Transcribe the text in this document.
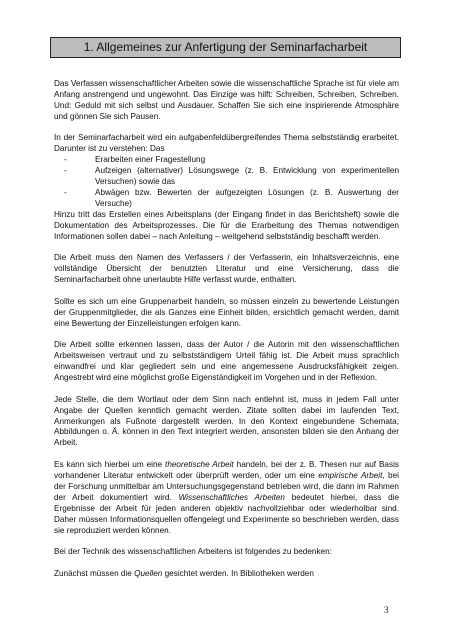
1. Allgemeines zur Anfertigung der Seminarfacharbeit

Das Verfassen wissenschaftlicher Arbeiten sowie die wissenschaftliche Sprache ist für viele am Anfang anstrengend und ungewohnt. Das Einzige was hilft: Schreiben, Schreiben, Schreiben. Und: Geduld mit sich selbst und Ausdauer. Schaffen Sie sich eine inspirierende Atmosphäre und gönnen Sie sich Pausen.

In der Seminarfacharbeit wird ein aufgabenfeldübergreifendes Thema selbstständig erarbeitet. Darunter ist zu verstehen: Das

-	Erarbeiten einer Fragestellung
-	Aufzeigen (alternativer) Lösungswege (z. B. Entwicklung von experimentellen Versuchen) sowie das
-	Abwägen bzw. Bewerten der aufgezeigten Lösungen (z. B. Auswertung der Versuche)

Hinzu tritt das Erstellen eines Arbeitsplans (der Eingang findet in das Berichtsheft) sowie die Dokumentation des Arbeitsprozesses. Die für die Erarbeitung des Themas notwendigen Informationen sollen dabei – nach Anleitung – weitgehend selbstständig beschafft werden.

Die Arbeit muss den Namen des Verfassers / der Verfasserin, ein Inhaltsverzeichnis, eine vollständige Übersicht der benutzten Literatur und eine Versicherung, dass die Seminarfacharbeit ohne unerlaubte Hilfe verfasst wurde, enthalten.

Sollte es sich um eine Gruppenarbeit handeln, so müssen einzeln zu bewertende Leistungen der Gruppenmitglieder, die als Ganzes eine Einheit bilden, ersichtlich gemacht werden, damit eine Bewertung der Einzelleistungen erfolgen kann.

Die Arbeit sollte erkennen lassen, dass der Autor / die Autorin mit den wissenschaftlichen Arbeitsweisen vertraut und zu selbstständigem Urteil fähig ist. Die Arbeit muss sprachlich einwandfrei und klar gegliedert sein und eine angemessene Ausdrucksfähigkeit zeigen. Angestrebt wird eine möglichst große Eigenständigkeit im Vorgehen und in der Reflexion.

Jede Stelle, die dem Wortlaut oder dem Sinn nach entlehnt ist, muss in jedem Fall unter Angabe der Quellen kenntlich gemacht werden. Zitate sollten dabei im laufenden Text, Anmerkungen als Fußnote dargestellt werden. In den Kontext eingebundene Schemata, Abbildungen o. Ä. können in den Text integriert werden, ansonsten bilden sie den Anhang der Arbeit.

Es kann sich hierbei um eine theoretische Arbeit handeln, bei der z. B. Thesen nur auf Basis vorhandener Literatur entwickelt oder überprüft werden, oder um eine empirische Arbeit, bei der Forschung unmittelbar am Untersuchungsgegenstand betrieben wird, die dann im Rahmen der Arbeit dokumentiert wird. Wissenschaftliches Arbeiten bedeutet hierbei, dass die Ergebnisse der Arbeit für jeden anderen objektiv nachvollziehbar oder wiederholbar sind. Daher müssen Informationsquellen offengelegt und Experimente so beschrieben werden, dass sie reproduziert werden können.

Bei der Technik des wissenschaftlichen Arbeitens ist folgendes zu bedenken:

Zunächst müssen die Quellen gesichtet werden. In Bibliotheken werden

3
